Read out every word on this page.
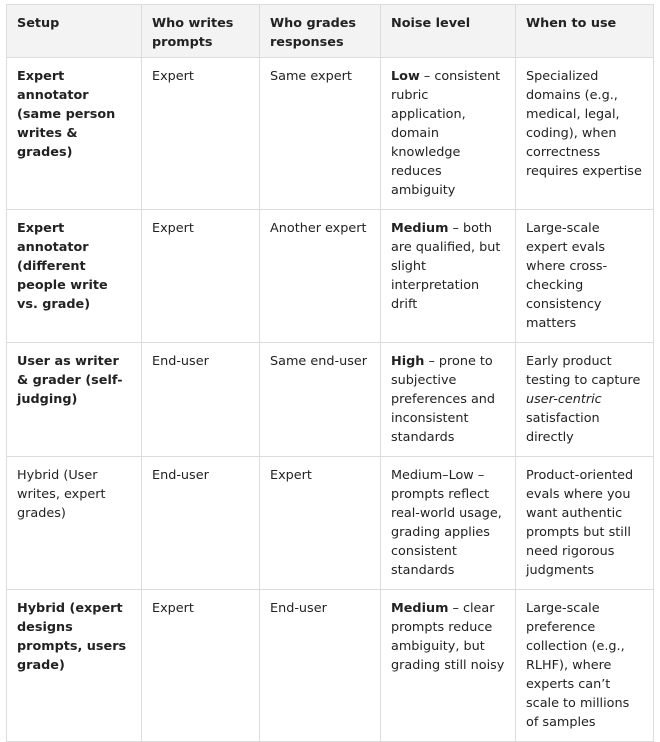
Setup	Who writes prompts	Who grades responses	Noise level	When to use
Expert annotator (same person writes & grades)	Expert	Same expert	Low – consistent rubric application, domain knowledge reduces ambiguity	Specialized domains (e.g., medical, legal, coding), when correctness requires expertise
Expert annotator (different people write vs. grade)	Expert	Another expert	Medium – both are qualified, but slight interpretation drift	Large-scale expert evals where cross-checking consistency matters
User as writer & grader (self-judging)	End-user	Same end-user	High – prone to subjective preferences and inconsistent standards	Early product testing to capture user-centric satisfaction directly
Hybrid (User writes, expert grades)	End-user	Expert	Medium–Low – prompts reflect real-world usage, grading applies consistent standards	Product-oriented evals where you want authentic prompts but still need rigorous judgments
Hybrid (expert designs prompts, users grade)	Expert	End-user	Medium – clear prompts reduce ambiguity, but grading still noisy	Large-scale preference collection (e.g., RLHF), where experts can’t scale to millions of samples
